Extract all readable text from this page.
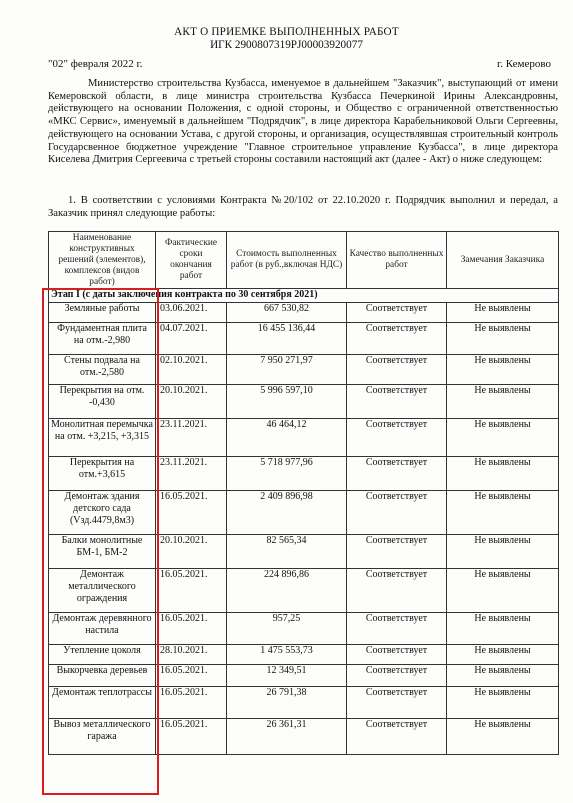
АКТ О ПРИЕМКЕ ВЫПОЛНЕННЫХ РАБОТ
ИГК 2900807319PJ00003920077
"02" февраля 2022 г.	г. Кемерово
Министерство строительства Кузбасса, именуемое в дальнейшем "Заказчик", выступающий от имени Кемеровской области, в лице министра строительства Кузбасса Печеркиной Ирины Александровны, действующего на основании Положения, с одной стороны, и Общество с ограниченной ответственностью «МКС Сервис», именуемый в дальнейшем "Подрядчик", в лице директора Карабельниковой Ольги Сергеевны, действующего на основании Устава, с другой стороны, и организация, осуществлявшая строительный контроль Государсвенное бюджетное учреждение "Главное строительное управление Кузбасса", в лице директора Киселева Дмитрия Сергеевича с третьей стороны составили настоящий акт (далее - Акт) о ниже следующем:
1. В соответствии с условиями Контракта №20/102 от 22.10.2020 г. Подрядчик выполнил и передал, а Заказчик принял следующие работы:
Наименование конструктивных решений (элементов), комплексов (видов работ)	Фактические сроки окончания работ	Стоимость выполненных работ (в руб.,включая НДС)	Качество выполненных работ	Замечания Заказчика
Этап I (с даты заключения контракта по 30 сентября 2021)				
Земляные работы	03.06.2021.	667 530,82	Соответствует	Не выявлены
Фундаментная плита на отм.-2,980	04.07.2021.	16 455 136,44	Соответствует	Не выявлены
Стены подвала на отм.-2,580	02.10.2021.	7 950 271,97	Соответствует	Не выявлены
Перекрытия на отм. -0,430	20.10.2021.	5 996 597,10	Соответствует	Не выявлены
Монолитная перемычка на отм. +3,215, +3,315	23.11.2021.	46 464,12	Соответствует	Не выявлены
Перекрытия на отм.+3,615	23.11.2021.	5 718 977,96	Соответствует	Не выявлены
Демонтаж здания детского сада (Vзд.4479,8м3)	16.05.2021.	2 409 896,98	Соответствует	Не выявлены
Балки монолитные БМ-1, БМ-2	20.10.2021.	82 565,34	Соответствует	Не выявлены
Демонтаж металлического ограждения	16.05.2021.	224 896,86	Соответствует	Не выявлены
Демонтаж деревянного настила	16.05.2021.	957,25	Соответствует	Не выявлены
Утепление цоколя	28.10.2021.	1 475 553,73	Соответствует	Не выявлены
Выкорчевка деревьев	16.05.2021.	12 349,51	Соответствует	Не выявлены
Демонтаж теплотрассы	16.05.2021.	26 791,38	Соответствует	Не выявлены
Вывоз металлического гаража	16.05.2021.	26 361,31	Соответствует	Не выявлены
